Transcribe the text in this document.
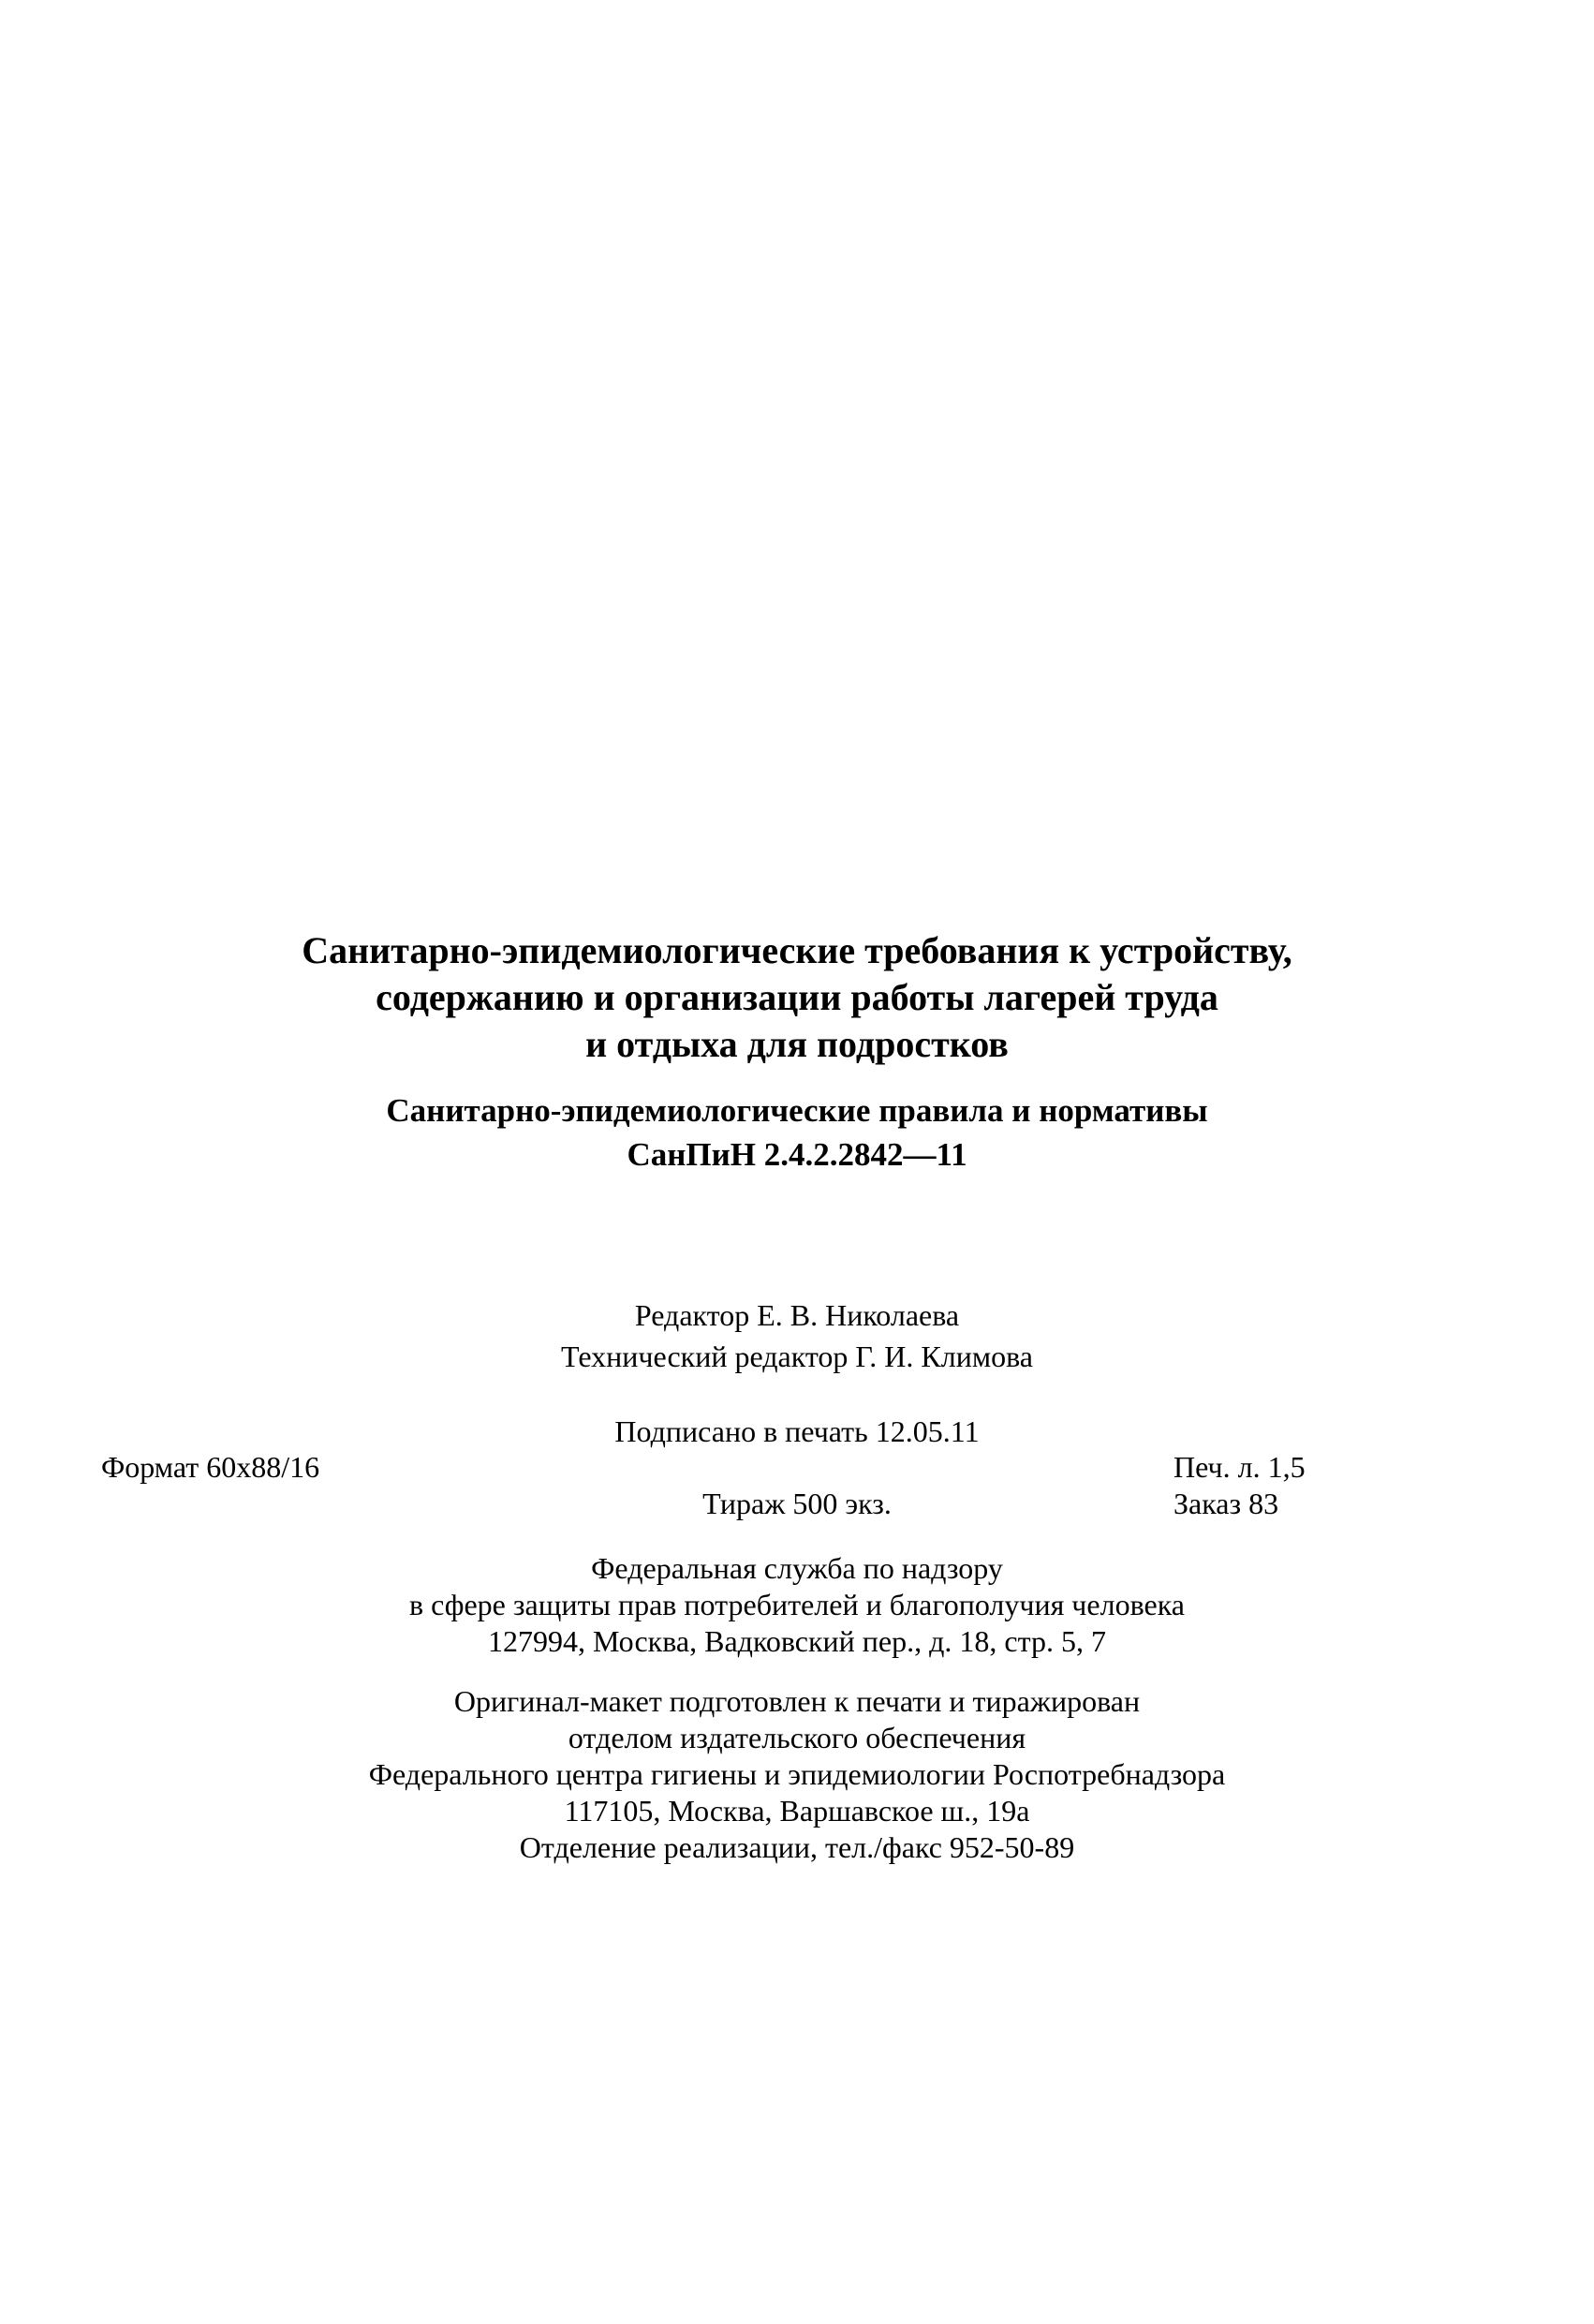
Санитарно-эпидемиологические требования к устройству,
содержанию и организации работы лагерей труда
и отдыха для подростков
Санитарно-эпидемиологические правила и нормативы
СанПиН 2.4.2.2842—11
Редактор Е. В. Николаева
Технический редактор Г. И. Климова
Подписано в печать 12.05.11
Формат 60x88/16	Печ. л. 1,5
Тираж 500 экз.	Заказ 83
Федеральная служба по надзору
в сфере защиты прав потребителей и благополучия человека
127994, Москва, Вадковский пер., д. 18, стр. 5, 7
Оригинал-макет подготовлен к печати и тиражирован
отделом издательского обеспечения
Федерального центра гигиены и эпидемиологии Роспотребнадзора
117105, Москва, Варшавское ш., 19а
Отделение реализации, тел./факс 952-50-89
